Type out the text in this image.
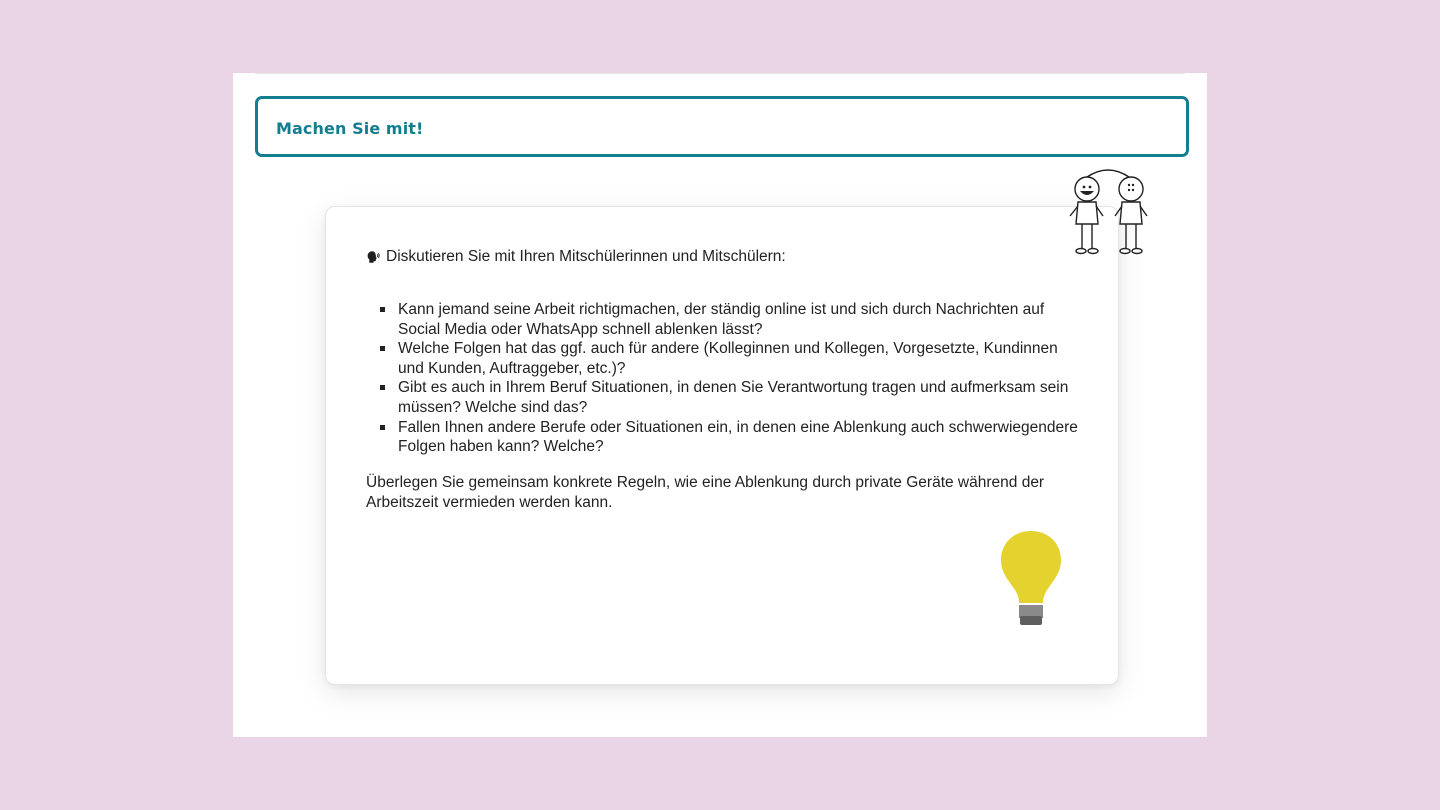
Machen Sie mit!
Diskutieren Sie mit Ihren Mitschülerinnen und Mitschülern:
Kann jemand seine Arbeit richtigmachen, der ständig online ist und sich durch Nachrichten auf Social Media oder WhatsApp schnell ablenken lässt?
Welche Folgen hat das ggf. auch für andere (Kolleginnen und Kollegen, Vorgesetzte, Kundinnen und Kunden, Auftraggeber, etc.)?
Gibt es auch in Ihrem Beruf Situationen, in denen Sie Verantwortung tragen und aufmerksam sein müssen? Welche sind das?
Fallen Ihnen andere Berufe oder Situationen ein, in denen eine Ablenkung auch schwerwiegendere Folgen haben kann? Welche?
Überlegen Sie gemeinsam konkrete Regeln, wie eine Ablenkung durch private Geräte während der Arbeitszeit vermieden werden kann.
